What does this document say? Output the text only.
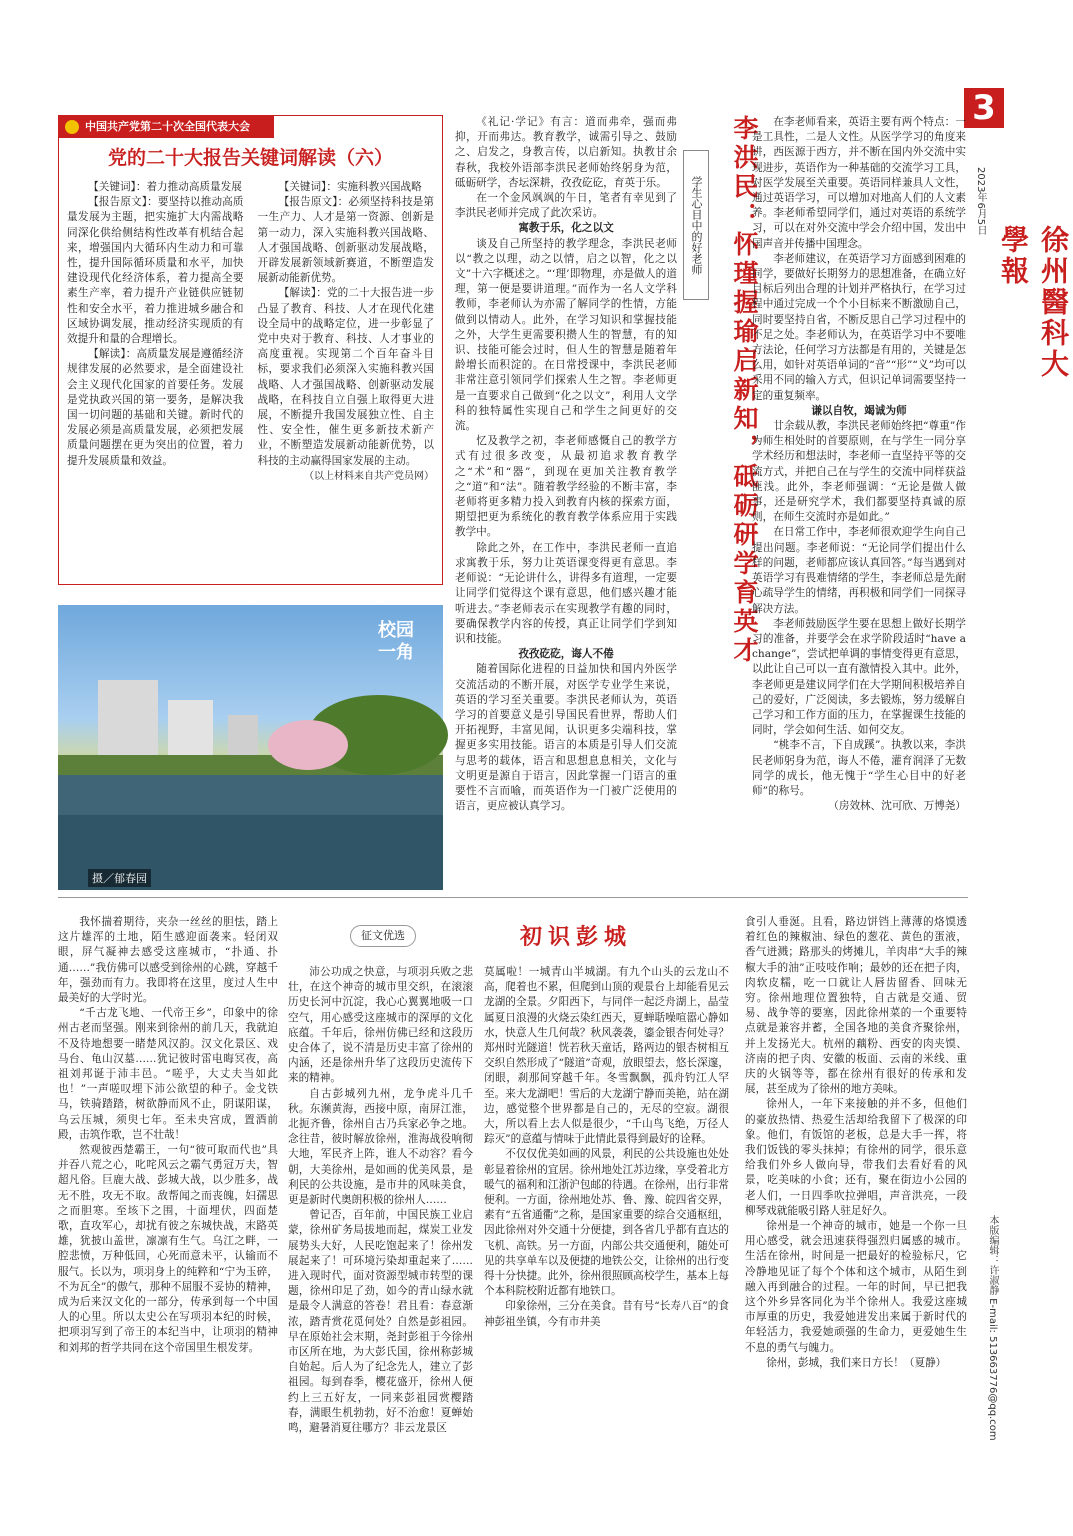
3
2023年6月5日
徐州醫科大學報
本版编辑：许淑静 E-mail: 513663776@qq.com
中国共产党第二十次全国代表大会
党的二十大报告关键词解读（六）

【关键词】：着力推动高质量发展

【报告原文】：要坚持以推动高质量发展为主题，把实施扩大内需战略同深化供给侧结构性改革有机结合起来，增强国内大循环内生动力和可靠性，提升国际循环质量和水平，加快建设现代化经济体系，着力提高全要素生产率，着力提升产业链供应链韧性和安全水平，着力推进城乡融合和区域协调发展，推动经济实现质的有效提升和量的合理增长。

【解读】：高质量发展是遵循经济规律发展的必然要求，是全面建设社会主义现代化国家的首要任务。发展是党执政兴国的第一要务，是解决我国一切问题的基础和关键。新时代的发展必须是高质量发展，必须把发展质量问题摆在更为突出的位置，着力提升发展质量和效益。

【关键词】：实施科教兴国战略

【报告原文】：必须坚持科技是第一生产力、人才是第一资源、创新是第一动力，深入实施科教兴国战略、人才强国战略、创新驱动发展战略，开辟发展新领域新赛道，不断塑造发展新动能新优势。

【解读】：党的二十大报告进一步凸显了教育、科技、人才在现代化建设全局中的战略定位，进一步彰显了党中央对于教育、科技、人才事业的高度重视。实现第二个百年奋斗目标，要求我们必须深入实施科教兴国战略、人才强国战略、创新驱动发展战略，在科技自立自强上取得更大进展，不断提升我国发展独立性、自主性、安全性，催生更多新技术新产业，不断塑造发展新动能新优势，以科技的主动赢得国家发展的主动。

（以上材料来自共产党员网）

校园一角
摄／郁春园

《礼记·学记》有言：道而弗牵，强而弗抑，开而弗达。教育教学，诚需引导之、鼓励之、启发之，身教言传，以启新知。执教甘余春秋，我校外语部李洪民老师始终躬身为范，砥砺研学，杏坛深耕，孜孜矻矻，育英于乐。

在一个金风飒飒的午日，笔者有幸见到了李洪民老师并完成了此次采访。

寓教于乐，化之以文

谈及自己所坚持的教学理念，李洪民老师以“教之以理，动之以情，启之以智，化之以文”十六字概述之。“‘理’即物理，亦是做人的道理，第一便是要讲道理。”而作为一名人文学科教师，李老师认为亦需了解同学的性情，方能做到以情动人。此外，在学习知识和掌握技能之外，大学生更需要积攒人生的智慧，有的知识、技能可能会过时，但人生的智慧是随着年龄增长而积淀的。在日常授课中，李洪民老师非常注意引领同学们探索人生之智。李老师更是一直要求自己做到“化之以文”，利用人文学科的独特属性实现自己和学生之间更好的交流。

忆及教学之初，李老师感慨自己的教学方式有过很多改变，从最初追求教育教学之“术”和“器”，到现在更加关注教育教学之“道”和“法”。随着教学经验的不断丰富，李老师将更多精力投入到教育内核的探索方面，期望把更为系统化的教育教学体系应用于实践教学中。

除此之外，在工作中，李洪民老师一直追求寓教于乐，努力让英语课变得更有意思。李老师说：“无论讲什么，讲得多有道理，一定要让同学们觉得这个课有意思，他们感兴趣才能听进去。”李老师表示在实现教学有趣的同时，要确保教学内容的传授，真正让同学们学到知识和技能。

孜孜矻矻，诲人不倦

随着国际化进程的日益加快和国内外医学交流活动的不断开展，对医学专业学生来说，英语的学习至关重要。李洪民老师认为，英语学习的首要意义是引导国民看世界，帮助人们开拓视野，丰富见闻，认识更多尖端科技，掌握更多实用技能。语言的本质是引导人们交流与思考的载体，语言和思想息息相关，文化与文明更是源自于语言，因此掌握一门语言的重要性不言而喻，而英语作为一门被广泛使用的语言，更应被认真学习。

学生心目中的好老师	李洪民：怀瑾握瑜启新知，砥砺研学育英才	在李老师看来，英语主要有两个特点：一是工具性，二是人文性。从医学学习的角度来讲，西医源于西方，并不断在国内外交流中实现进步，英语作为一种基础的交流学习工具，对医学发展至关重要。英语同样兼具人文性，通过英语学习，可以增加对地高人们的人文素养。李老师希望同学们，通过对英语的系统学习，可以在对外交流中学会介绍中国，发出中国声音并传播中国理念。

李老师建议，在英语学习方面感到困难的同学，要做好长期努力的思想准备，在确立好目标后列出合理的计划并严格执行，在学习过程中通过完成一个个小目标来不断激励自己，同时要坚持自省，不断反思自己学习过程中的不足之处。李老师认为，在英语学习中不要唯方法论，任何学习方法都是有用的，关键是怎么用，如针对英语单词的“音”“形”“义”均可以采用不同的输入方式，但识记单词需要坚持一定的重复频率。

谦以自牧，竭诚为师

廿余载从教，李洪民老师始终把“尊重”作为师生相处时的首要原则，在与学生一同分享学术经历和想法时，李老师一直坚持平等的交流方式，并把自己在与学生的交流中同样获益匪浅。此外，李老师强调：“无论是做人做事，还是研究学术，我们都要坚持真诚的原则，在师生交流时亦是如此。”

在日常工作中，李老师很欢迎学生向自己提出问题。李老师说：“无论同学们提出什么样的问题，老师都应该认真回答。”每当遇到对英语学习有畏难情绪的学生，李老师总是先耐心疏导学生的情绪，再积极和同学们一同探寻解决方法。

李老师鼓励医学生要在思想上做好长期学习的准备，并要学会在求学阶段适时“have a change”，尝试把单调的事情变得更有意思，以此让自己可以一直有激情投入其中。此外，李老师更是建议同学们在大学期间积极培养自己的爱好，广泛阅读，多去锻炼，努力缓解自己学习和工作方面的压力，在掌握课生技能的同时，学会如何生活、如何交友。

“桃李不言，下自成蹊”。执教以来，李洪民老师躬身为范，诲人不倦，灌育润泽了无数同学的成长，他无愧于“学生心目中的好老师”的称号。

（房效林、沈可欣、万博尧）

征文优选	初识彭城

我怀揣着期待，夹杂一丝丝的胆怯，踏上这片雄浑的土地，陌生感迎面袭来。轻闭双眼，屏气凝神去感受这座城市，“扑通、扑通……”我仿佛可以感受到徐州的心跳，穿越千年，强劲而有力。我即将在这里，度过人生中最美好的大学时光。

“千古龙飞地、一代帝王乡”，印象中的徐州古老而坚强。刚来到徐州的前几天，我就迫不及待地想要一睹楚风汉韵。汉文化景区、戏马台、龟山汉墓……犹记彼时雷电晦冥夜，高祖刘邦诞于沛丰邑。“嗟乎，大丈夫当如此也！”一声嗟叹埋下沛公欲望的种子。金戈铁马，铁骑踏踏，树欲静而风不止，阴谋阳谋，乌云压城，须臾七年。至未央宫成，置酒前殿，击筑作歌，岂不壮哉！

然观彼西楚霸王，一句“彼可取而代也”具并吞八荒之心，叱咤风云之霸气勇冠万夫，智超凡俗。巨鹿大战、彭城大战，以少胜多，战无不胜，攻无不取。敌帮闻之而丧魄，妇孺思之而胆寒。至垓下之围，十面埋伏，四面楚歌，直攻军心，却扰有彼之东城快战，末路英雄，犹披山盖世，凛凛有生气。乌江之畔，一腔悲愤，万种低回，心死而意未平，认输而不服气。长以为，项羽身上的纯粹和“宁为玉碎，不为瓦全”的傲气，那种不屈服不妥协的精神，成为后来汉文化的一部分，传承到每一个中国人的心里。所以太史公在写项羽本纪的时候，把项羽写到了帝王的本纪当中，让项羽的精神和刘邦的哲学共同在这个帝国里生根发芽。

沛公功成之快意，与项羽兵败之悲壮，在这个神奇的城市里交织，在滚滚历史长河中沉淀，我心心翼翼地吸一口空气，用心感受这座城市的深厚的文化底蕴。千年后，徐州仿佛已经和这段历史合体了，说不清是历史丰富了徐州的内涵，还是徐州升华了这段历史流传下来的精神。

自古彭城列九州，龙争虎斗几千秋。东濒黄海，西接中原，南屏江淮，北扼齐鲁，徐州自古乃兵家必争之地。念往昔，彼时解放徐州，淮海战役响彻大地，军民齐上阵，谁人不动容？看今朝，大美徐州，是如画的优美风景，是利民的公共设施，是市井的风味美食，更是新时代奥朗积极的徐州人……

曾记否，百年前，中国民族工业启蒙，徐州矿务局拔地而起，煤炭工业发展势头大好，人民吃饱起来了！徐州发展起来了！可环境污染却重起来了……进入现时代，面对资源型城市转型的课题，徐州印足了劲，如今的青山绿水就是最令人满意的答卷！君且看：春意渐浓，踏青赏花觅何处？自然是彭祖园。早在原始社会末期，尧封彭祖于今徐州市区所在地，为大彭氏国，徐州称彭城自始起。后人为了纪念先人，建立了彭祖园。每到春季，樱花盛开，徐州人便约上三五好友，一同来彭祖园赏樱踏春，满眼生机勃勃，好不治愈！夏蝉始鸣，避暑消夏往哪方？非云龙景区

莫属啦！一城青山半城湖。有九个山头的云龙山不高，爬着也不累，但爬到山顶的观景台上却能看见云龙湖的全景。夕阳西下，与同伴一起泛舟湖上，晶莹属夏日浪漫的火烧云染红西天，夏蝉聒噪喧嚣心静如水，快意人生几何哉？秋风袭袭，鎏金银杏何处寻？郑州时光隧道！恍若秋天童话，路两边的银杏树相互交织自然形成了“隧道”奇观，放眼望去，悠长深邃，闭眼，刹那间穿越千年。冬雪飘飘，孤舟钓江人罕至。来大龙湖吧！雪后的大龙湖宁静而美艳，站在湖边，感觉整个世界都是自己的，无尽的空寂。湖很大，所以看上去人似是很少，“千山鸟飞绝，万径人踪灭”的意蕴与情味于此情此景得到最好的诠释。

不仅仅优美如画的风景，利民的公共设施也处处彰显着徐州的宜居。徐州地处江苏边缘，享受着北方暖气的福利和江浙沪包邮的待遇。在徐州，出行非常便利。一方面，徐州地处苏、鲁、豫、皖四省交界，素有“五省通衢”之称，是国家重要的综合交通枢纽，因此徐州对外交通十分便捷，到各省几乎都有直达的飞机、高铁。另一方面，内部公共交通便利，随处可见的共享单车以及便捷的地铁公交，让徐州的出行变得十分快捷。此外，徐州很照顾高校学生，基本上每个本科院校附近都有地铁口。

印象徐州，三分在美食。昔有号“长寿八百”的食神彭祖坐镇，今有市井美

食引人垂涎。且看，路边饼铛上薄薄的烙馍透着红色的辣椒油、绿色的葱花、黄色的蛋液，香气迸溅；路那头的烤摊儿，羊肉串“大手的辣椒大手的油”正吱吱作响；最妙的还在把子肉，肉软皮糯，吃一口就让人唇齿留香、回味无穷。徐州地理位置独特，自古就是交通、贸易、战争等的要塞，因此徐州菜的一个重要特点就是兼容并蓄，全国各地的美食齐聚徐州，并上发扬光大。杭州的藕粉、西安的肉夹馍、济南的把子肉、安徽的板面、云南的米线、重庆的火锅等等，都在徐州有很好的传承和发展，甚至成为了徐州的地方美味。

徐州人，一年下来接触的并不多，但他们的豪放热情、热爱生活却给我留下了极深的印象。他们，有饭馆的老板，总是大手一挥，将我们饭钱的零头抹掉；有徐州的同学，很乐意给我们外乡人做向导，带我们去看好看的风景，吃美味的小食；还有，聚在街边小公园的老人们，一日四季吹拉弹唱，声音洪亮，一段柳琴戏就能吸引路人驻足好久。

徐州是一个神奇的城市，她是一个你一旦用心感受，就会迅速获得强烈归属感的城市。生活在徐州，时间是一把最好的检验标尺，它冷静地见证了每个个体和这个城市，从陌生到融入再到融合的过程。一年的时间，早已把我这个外乡异客同化为半个徐州人。我爱这座城市厚重的历史，我爱她进发出来属于新时代的年轻活力，我爱她顽强的生命力，更爱她生生不息的勇气与魄力。

徐州，彭城，我们来日方长！（夏静）
